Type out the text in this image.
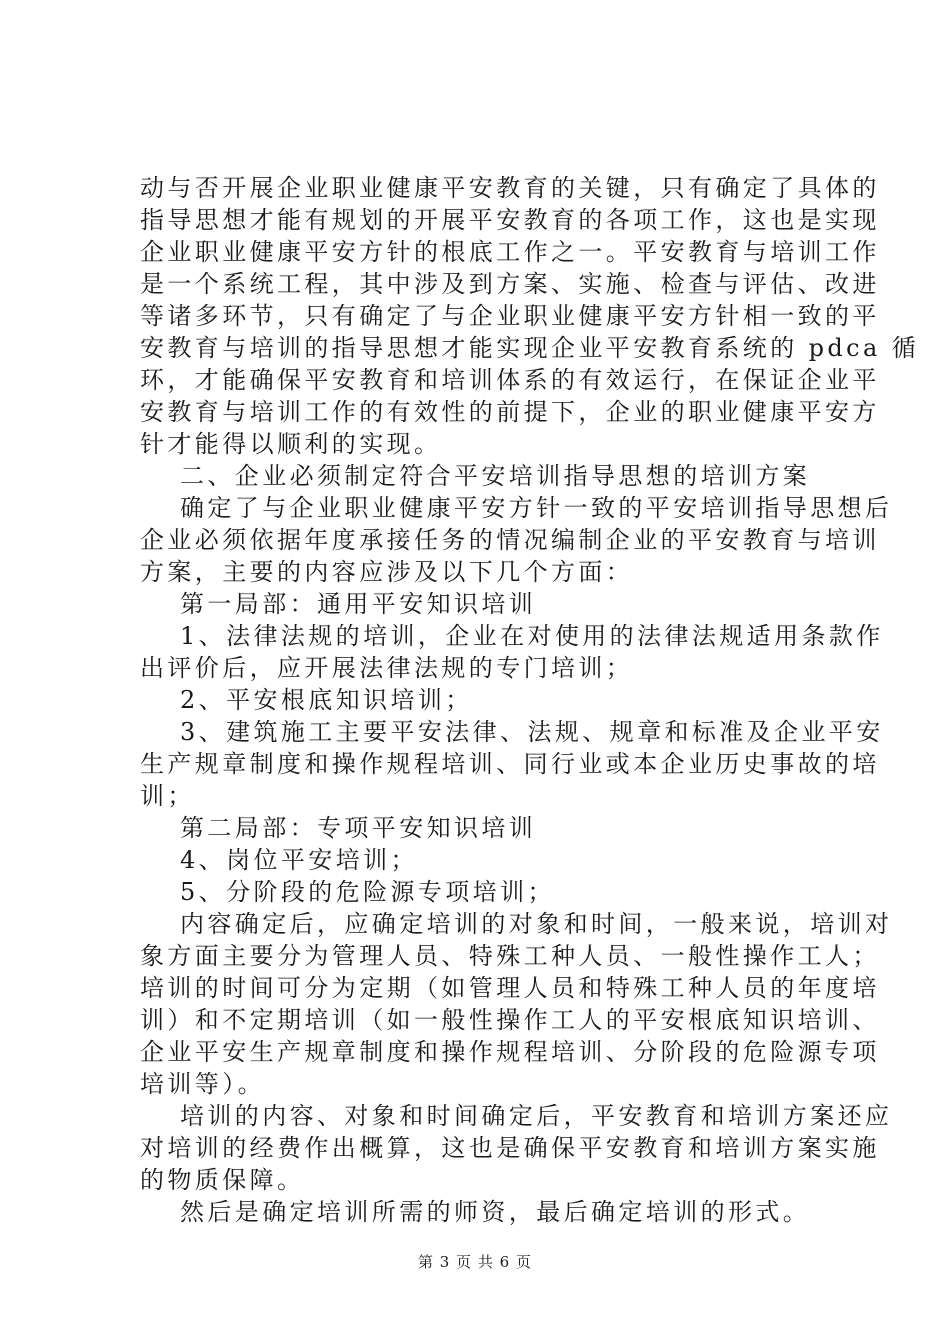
动与否开展企业职业健康平安教育的关键，只有确定了具体的
指导思想才能有规划的开展平安教育的各项工作，这也是实现
企业职业健康平安方针的根底工作之一。平安教育与培训工作
是一个系统工程，其中涉及到方案、实施、检查与评估、改进
等诸多环节，只有确定了与企业职业健康平安方针相一致的平
安教育与培训的指导思想才能实现企业平安教育系统的 pdca 循
环，才能确保平安教育和培训体系的有效运行，在保证企业平
安教育与培训工作的有效性的前提下，企业的职业健康平安方
针才能得以顺利的实现。
二、企业必须制定符合平安培训指导思想的培训方案
确定了与企业职业健康平安方针一致的平安培训指导思想后
企业必须依据年度承接任务的情况编制企业的平安教育与培训
方案，主要的内容应涉及以下几个方面：
第一局部：通用平安知识培训
1、法律法规的培训，企业在对使用的法律法规适用条款作
出评价后，应开展法律法规的专门培训；
2、平安根底知识培训；
3、建筑施工主要平安法律、法规、规章和标准及企业平安
生产规章制度和操作规程培训、同行业或本企业历史事故的培
训；
第二局部：专项平安知识培训
4、岗位平安培训；
5、分阶段的危险源专项培训；
内容确定后，应确定培训的对象和时间，一般来说，培训对
象方面主要分为管理人员、特殊工种人员、一般性操作工人；
培训的时间可分为定期（如管理人员和特殊工种人员的年度培
训）和不定期培训（如一般性操作工人的平安根底知识培训、
企业平安生产规章制度和操作规程培训、分阶段的危险源专项
培训等）。
培训的内容、对象和时间确定后，平安教育和培训方案还应
对培训的经费作出概算，这也是确保平安教育和培训方案实施
的物质保障。
然后是确定培训所需的师资，最后确定培训的形式。
第 3 页 共 6 页
